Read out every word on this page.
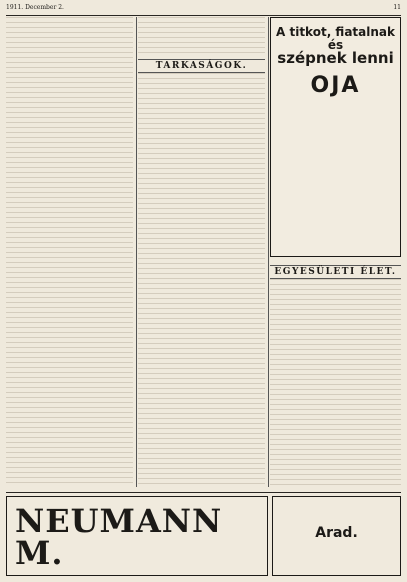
1911. December 2.	11
TARKASÁGOK.
A titkot, fiatalnak és
szépnek lenni
OJA
EGYESÜLETI ÉLET.
NEUMANN M.
Arad.
